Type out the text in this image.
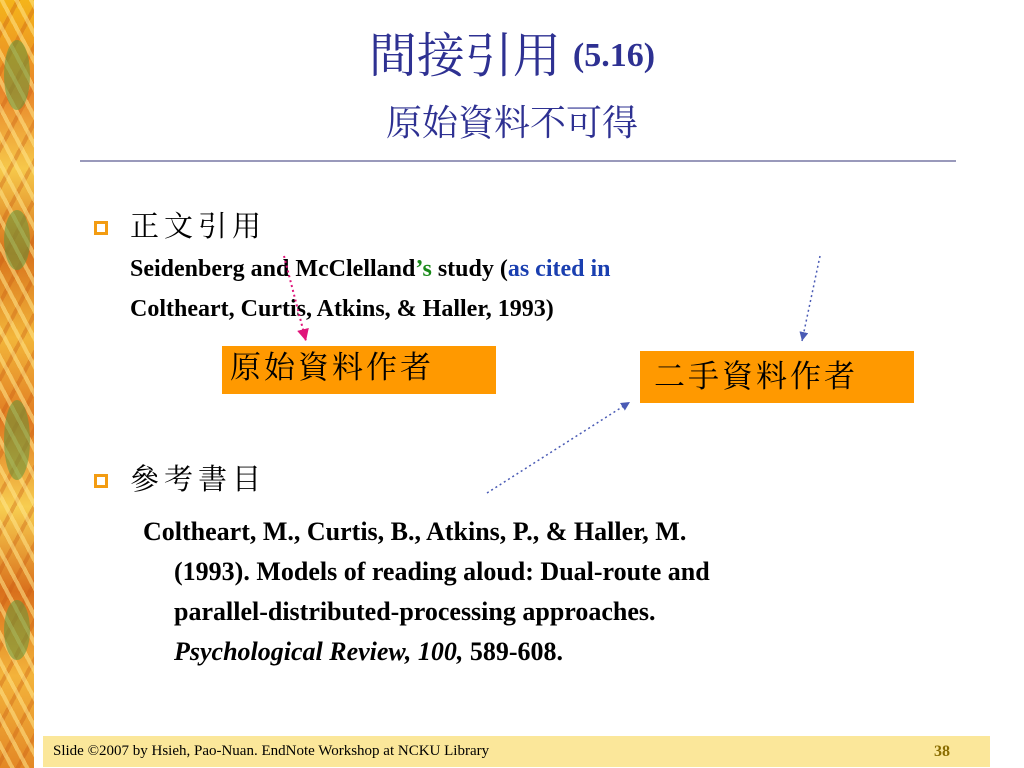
間接引用 (5.16)
原始資料不可得
正文引用
Seidenberg and McClelland’s study (as cited in
Coltheart, Curtis, Atkins, & Haller, 1993)
原始資料作者	二手資料作者
參考書目
Coltheart, M., Curtis, B., Atkins, P., & Haller, M.
(1993). Models of reading aloud: Dual-route and
parallel-distributed-processing approaches.
Psychological Review, 100, 589-608.
Slide ©2007 by Hsieh, Pao-Nuan. EndNote Workshop at NCKU Library	38
